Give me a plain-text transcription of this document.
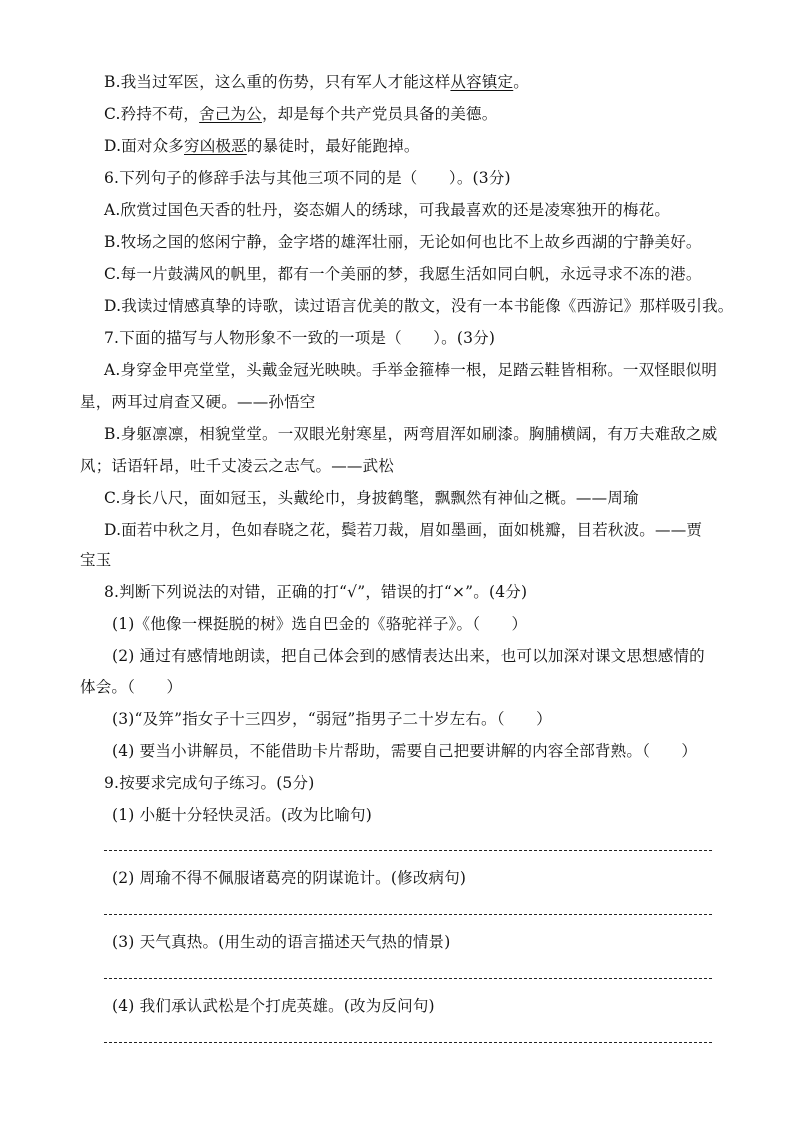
B.我当过军医，这么重的伤势，只有军人才能这样从容镇定。
C.矜持不苟，舍己为公，却是每个共产党员具备的美德。
D.面对众多穷凶极恶的暴徒时，最好能跑掉。
6.下列句子的修辞手法与其他三项不同的是（　　）。(3分)
A.欣赏过国色天香的牡丹，姿态媚人的绣球，可我最喜欢的还是凌寒独开的梅花。
B.牧场之国的悠闲宁静，金字塔的雄浑壮丽，无论如何也比不上故乡西湖的宁静美好。
C.每一片鼓满风的帆里，都有一个美丽的梦，我愿生活如同白帆，永远寻求不冻的港。
D.我读过情感真挚的诗歌，读过语言优美的散文，没有一本书能像《西游记》那样吸引我。
7.下面的描写与人物形象不一致的一项是（　　）。(3分)
A.身穿金甲亮堂堂，头戴金冠光映映。手举金箍棒一根，足踏云鞋皆相称。一双怪眼似明
星，两耳过肩查又硬。——孙悟空
B.身躯凛凛，相貌堂堂。一双眼光射寒星，两弯眉浑如刷漆。胸脯横阔，有万夫难敌之威
风；话语轩昂，吐千丈凌云之志气。——武松
C.身长八尺，面如冠玉，头戴纶巾，身披鹤氅，飘飘然有神仙之概。——周瑜
D.面若中秋之月，色如春晓之花，鬓若刀裁，眉如墨画，面如桃瓣，目若秋波。——贾
宝玉
8.判断下列说法的对错，正确的打“√”，错误的打“×”。(4分)
(1)《他像一棵挺脱的树》选自巴金的《骆驼祥子》。（　　）
(2) 通过有感情地朗读，把自己体会到的感情表达出来，也可以加深对课文思想感情的
体会。（　　）
(3)“及笄”指女子十三四岁，“弱冠”指男子二十岁左右。（　　）
(4) 要当小讲解员，不能借助卡片帮助，需要自己把要讲解的内容全部背熟。（　　）
9.按要求完成句子练习。(5分)
(1) 小艇十分轻快灵活。(改为比喻句)
(2) 周瑜不得不佩服诸葛亮的阴谋诡计。(修改病句)
(3) 天气真热。(用生动的语言描述天气热的情景)
(4) 我们承认武松是个打虎英雄。(改为反问句)
